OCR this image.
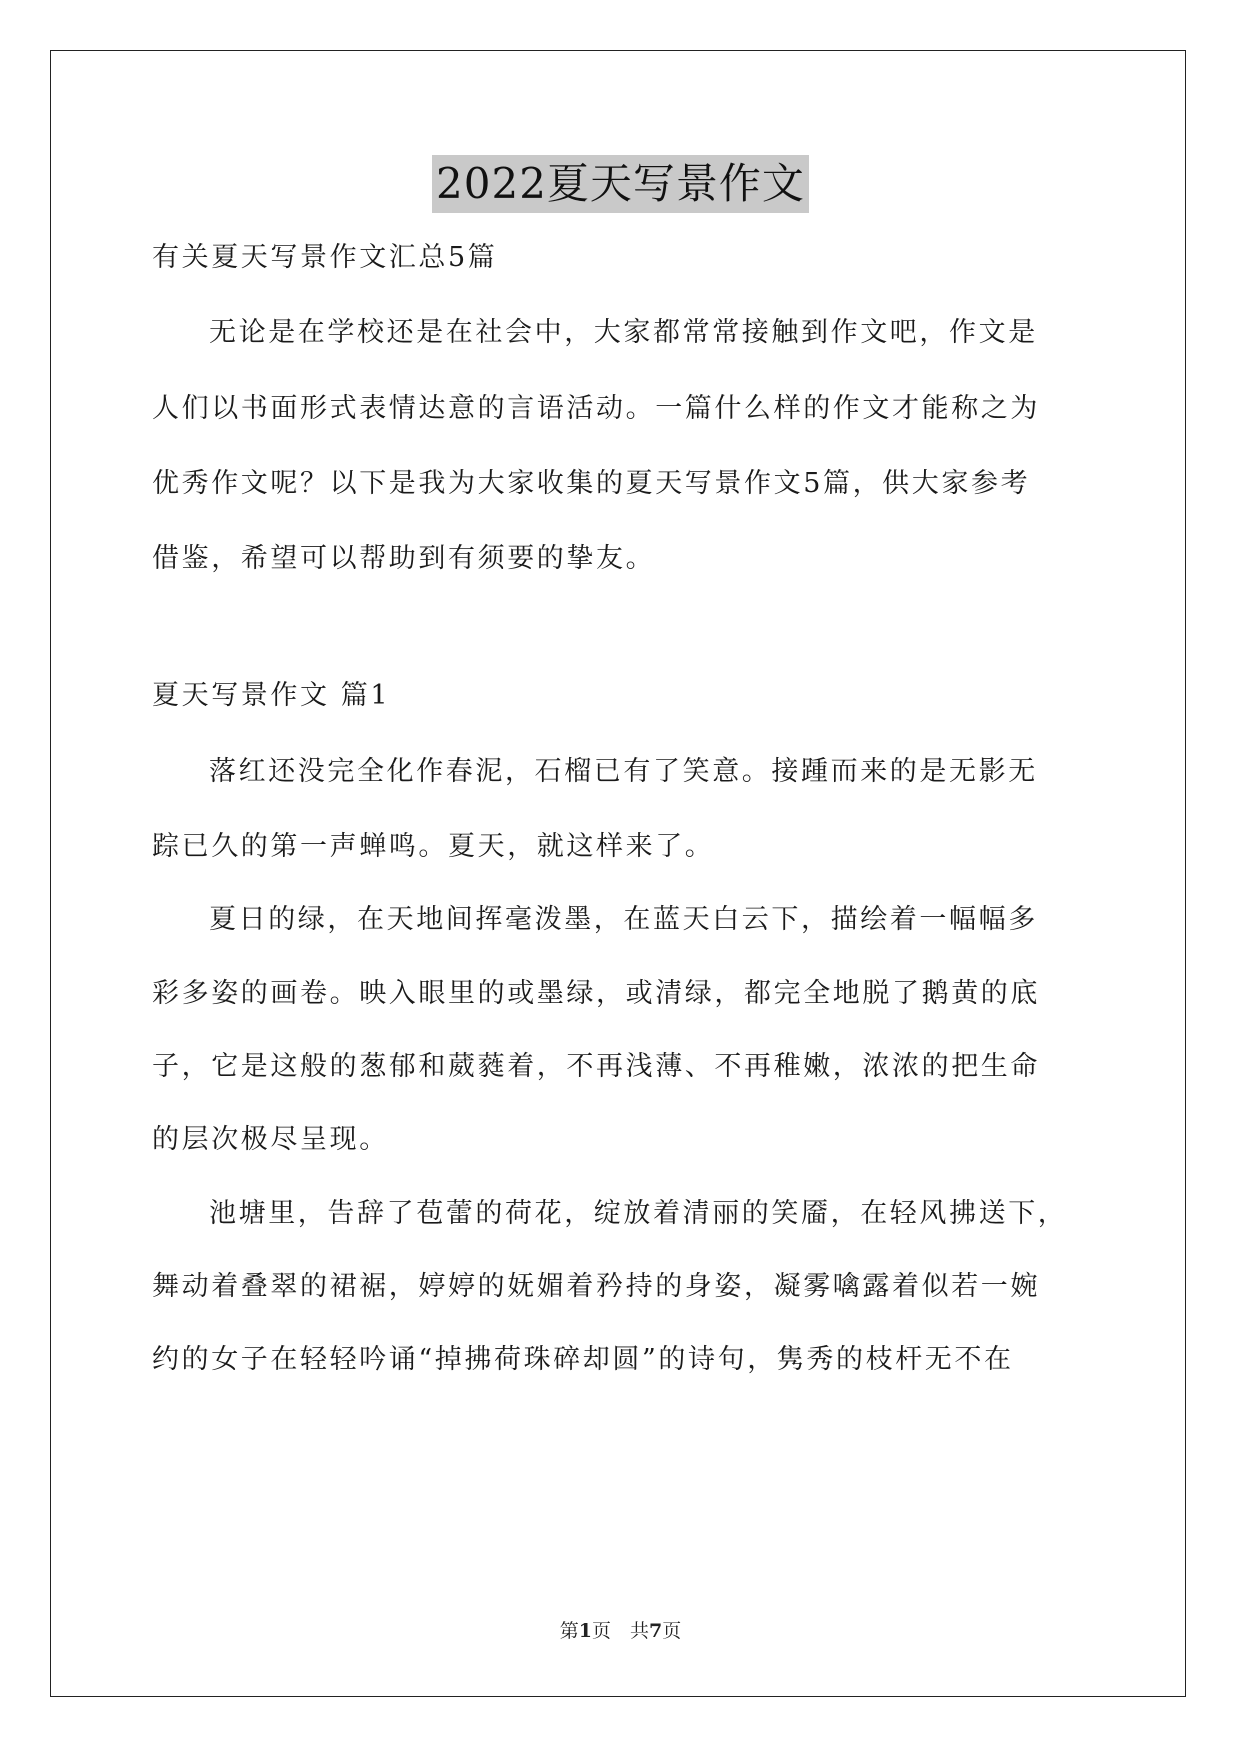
2022夏天写景作文
有关夏天写景作文汇总5篇
无论是在学校还是在社会中，大家都常常接触到作文吧，作文是
人们以书面形式表情达意的言语活动。一篇什么样的作文才能称之为
优秀作文呢？以下是我为大家收集的夏天写景作文5篇，供大家参考
借鉴，希望可以帮助到有须要的挚友。
夏天写景作文 篇1
落红还没完全化作春泥，石榴已有了笑意。接踵而来的是无影无
踪已久的第一声蝉鸣。夏天，就这样来了。
夏日的绿，在天地间挥毫泼墨，在蓝天白云下，描绘着一幅幅多
彩多姿的画卷。映入眼里的或墨绿，或清绿，都完全地脱了鹅黄的底
子，它是这般的葱郁和葳蕤着，不再浅薄、不再稚嫩，浓浓的把生命
的层次极尽呈现。
池塘里，告辞了苞蕾的荷花，绽放着清丽的笑靥，在轻风拂送下，
舞动着叠翠的裙裾，婷婷的妩媚着矜持的身姿，凝雾噙露着似若一婉
约的女子在轻轻吟诵“掉拂荷珠碎却圆”的诗句，隽秀的枝杆无不在
第1页　共7页
